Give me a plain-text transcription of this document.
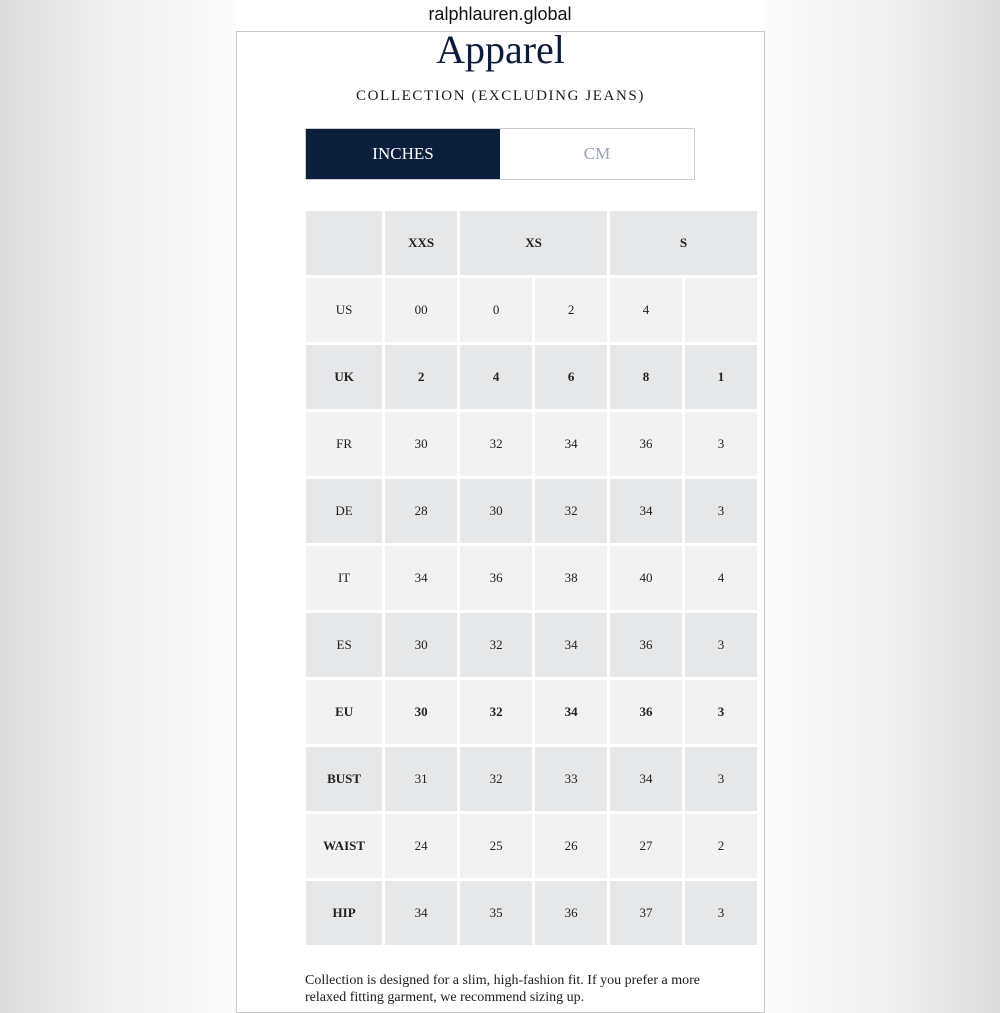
ralphlauren.global
Apparel
COLLECTION (EXCLUDING JEANS)
INCHES	CM
	XXS	XS		S	
US	00	0	2	4	
UK	2	4	6	8	1
FR	30	32	34	36	3
DE	28	30	32	34	3
IT	34	36	38	40	4
ES	30	32	34	36	3
EU	30	32	34	36	3
BUST	31	32	33	34	3
WAIST	24	25	26	27	2
HIP	34	35	36	37	3
Collection is designed for a slim, high-fashion fit. If you prefer a more relaxed fitting garment, we recommend sizing up.
